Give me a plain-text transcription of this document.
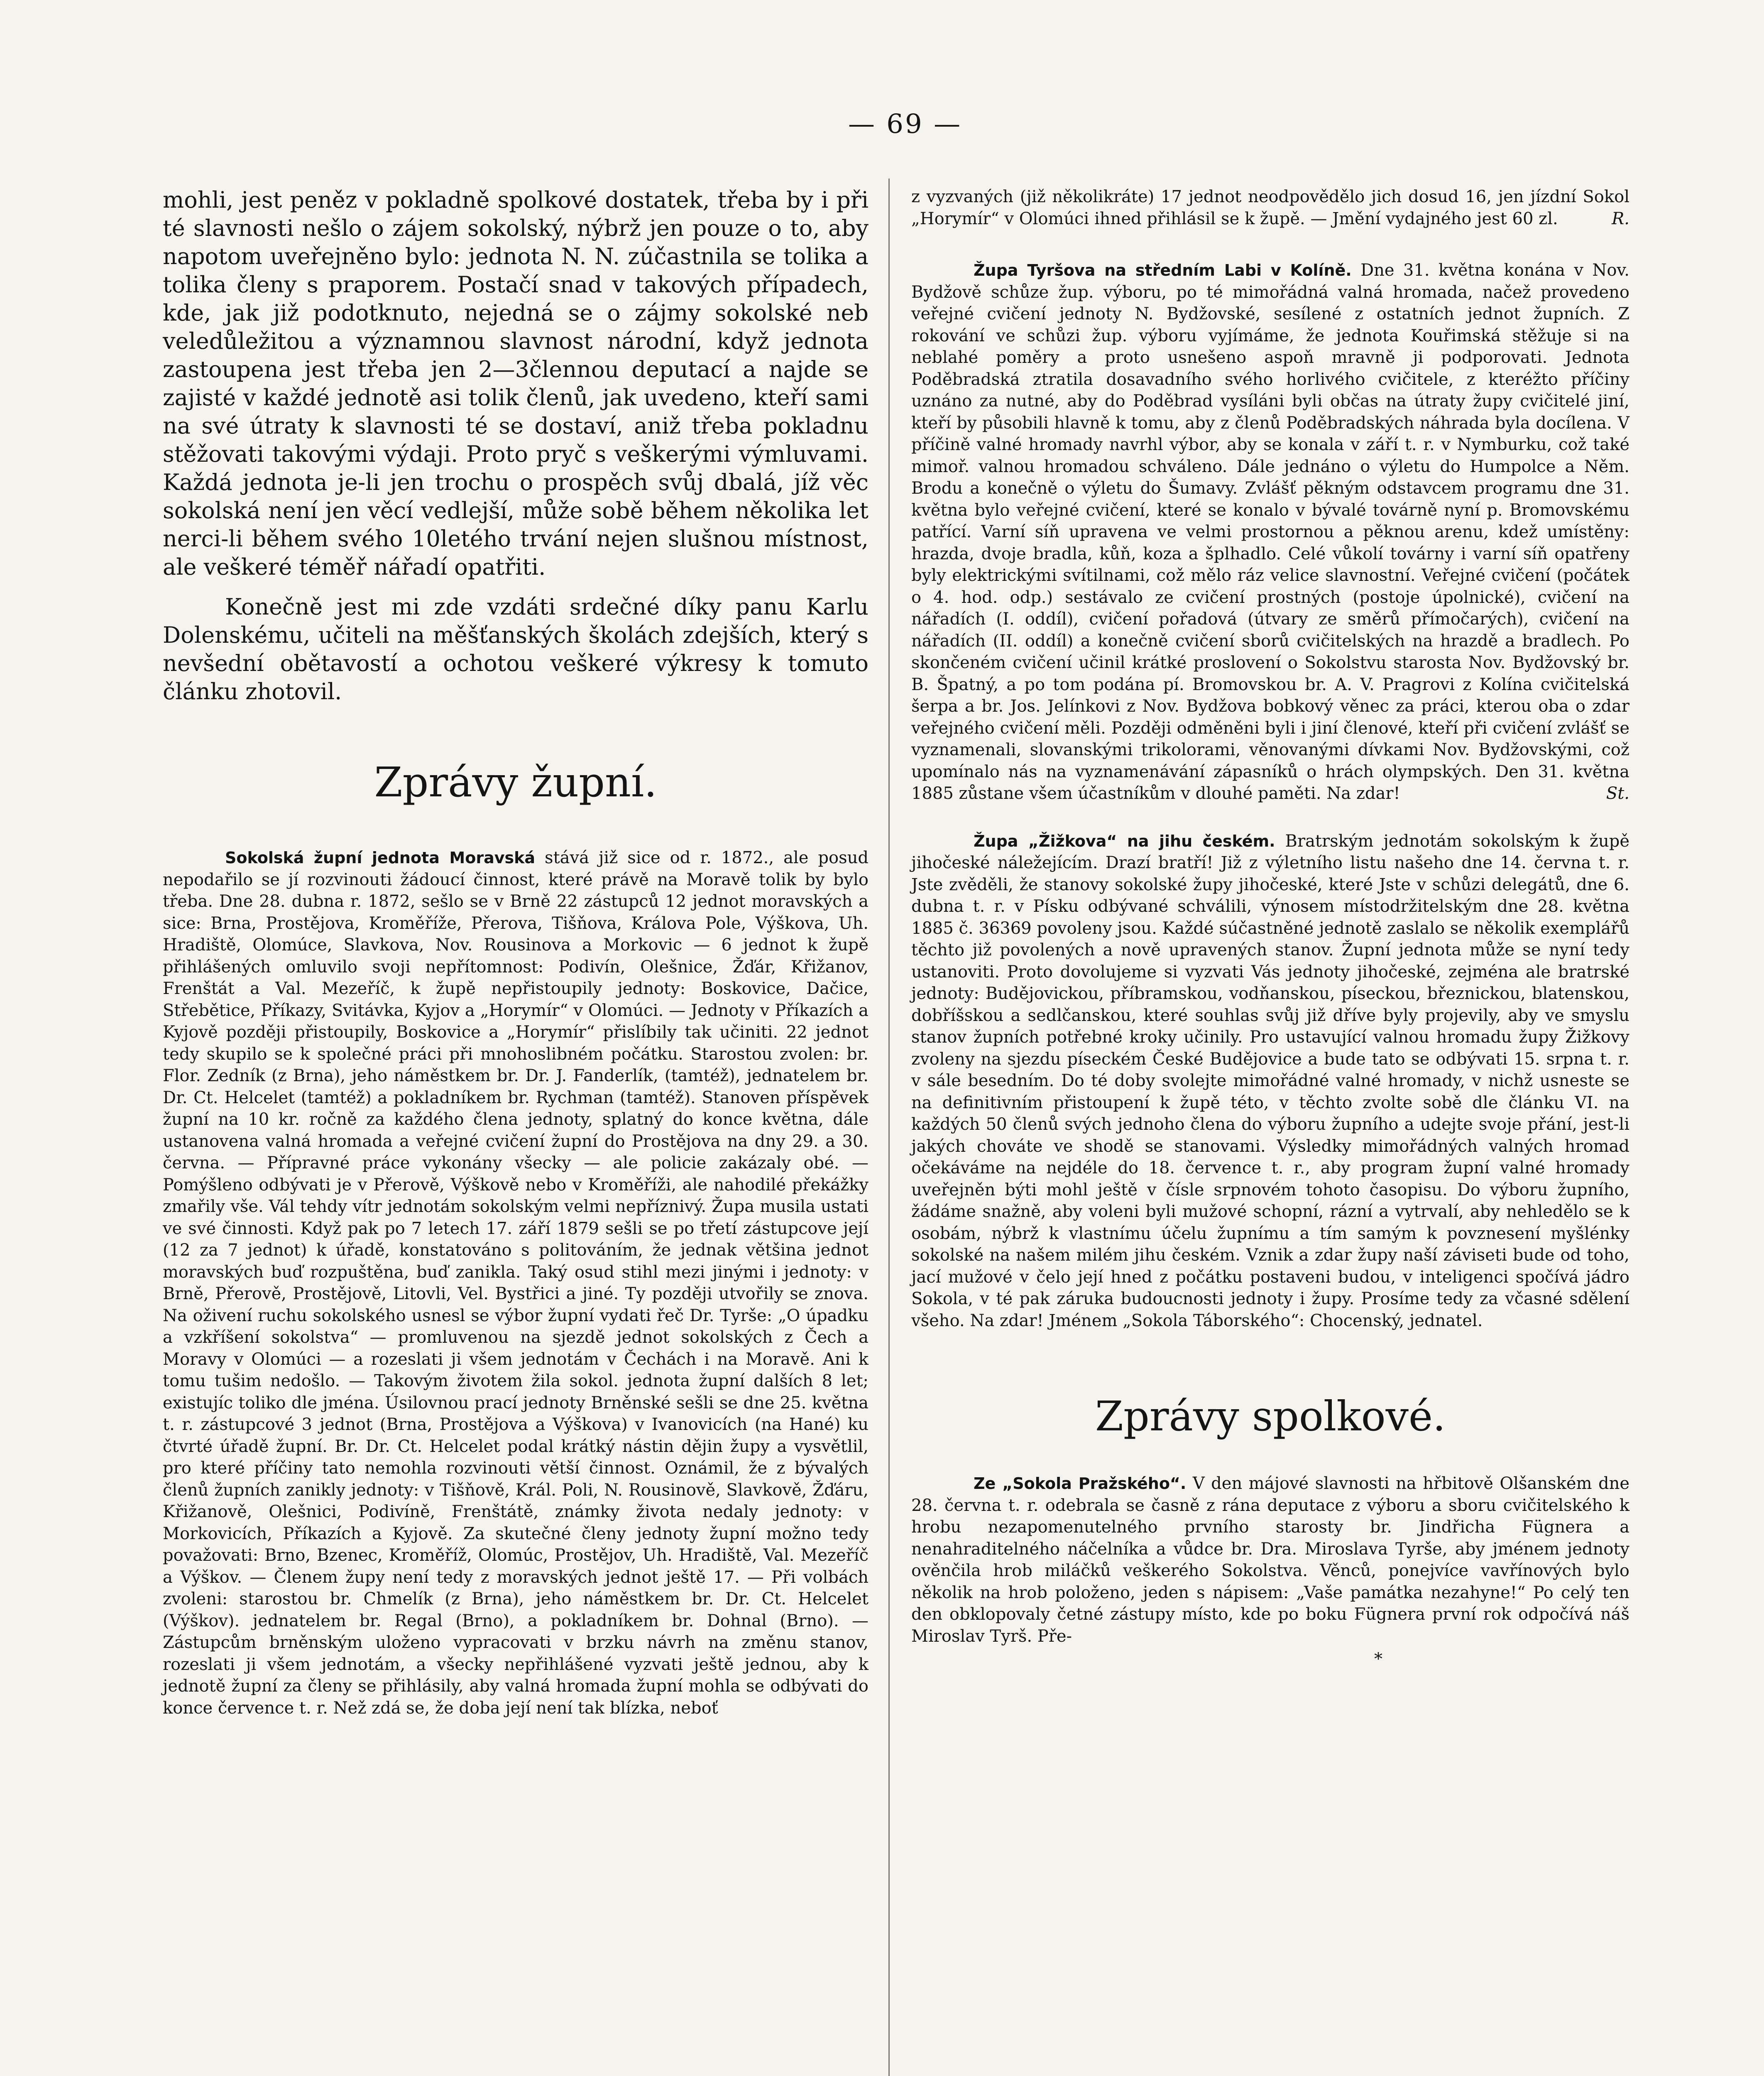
— 69 —

mohli, jest peněz v pokladně spolkové dostatek, třeba by i při té slavnosti nešlo o zájem sokolský, nýbrž jen pouze o to, aby napotom uveřejněno bylo: jednota N. N. zúčastnila se tolika a tolika členy s praporem. Postačí snad v takových případech, kde, jak již podotknuto, nejedná se o zájmy sokolské neb veledůležitou a významnou slavnost národní, když jednota zastoupena jest třeba jen 2—3člennou deputací a najde se zajisté v každé jednotě asi tolik členů, jak uvedeno, kteří sami na své útraty k slavnosti té se dostaví, aniž třeba pokladnu stěžovati takovými výdaji. Proto pryč s veškerými výmluvami. Každá jednota je-li jen trochu o prospěch svůj dbalá, jíž věc sokolská není jen věcí vedlejší, může sobě během několika let nerci-li během svého 10letého trvání nejen slušnou místnost, ale veškeré téměř nářadí opatřiti.

Konečně jest mi zde vzdáti srdečné díky panu Karlu Dolenskému, učiteli na měšťanských školách zdejších, který s nevšední obětavostí a ochotou veškeré výkresy k tomuto článku zhotovil.

Zprávy župní.

Sokolská župní jednota Moravská stává již sice od r. 1872., ale posud nepodařilo se jí rozvinouti žádoucí činnost, které právě na Moravě tolik by bylo třeba. Dne 28. dubna r. 1872, sešlo se v Brně 22 zástupců 12 jednot moravských a sice: Brna, Prostějova, Kroměříže, Přerova, Tišňova, Králova Pole, Výškova, Uh. Hradiště, Olomúce, Slavkova, Nov. Rousinova a Morkovic — 6 jednot k župě přihlášených omluvilo svoji nepřítomnost: Podivín, Olešnice, Žďár, Křižanov, Frenštát a Val. Mezeříč, k župě nepřistoupily jednoty: Boskovice, Dačice, Střebětice, Příkazy, Svitávka, Kyjov a „Horymír“ v Olomúci. — Jednoty v Příkazích a Kyjově později přistoupily, Boskovice a „Horymír“ přislíbily tak učiniti. 22 jednot tedy skupilo se k společné práci při mnohoslibném počátku. Starostou zvolen: br. Flor. Zedník (z Brna), jeho náměstkem br. Dr. J. Fanderlík, (tamtéž), jednatelem br. Dr. Ct. Helcelet (tamtéž) a pokladníkem br. Rychman (tamtéž). Stanoven příspěvek župní na 10 kr. ročně za každého člena jednoty, splatný do konce května, dále ustanovena valná hromada a veřejné cvičení župní do Prostějova na dny 29. a 30. června. — Přípravné práce vykonány všecky — ale policie zakázaly obé. — Pomýšleno odbývati je v Přerově, Výškově nebo v Kroměříži, ale nahodilé překážky zmařily vše. Vál tehdy vítr jednotám sokolským velmi nepříznivý. Župa musila ustati ve své činnosti. Když pak po 7 letech 17. září 1879 sešli se po třetí zástupcove její (12 za 7 jednot) k úřadě, konstatováno s politováním, že jednak většina jednot moravských buď rozpuštěna, buď zanikla. Taký osud stihl mezi jinými i jednoty: v Brně, Přerově, Prostějově, Litovli, Vel. Bystřici a jiné. Ty později utvořily se znova. Na oživení ruchu sokolského usnesl se výbor župní vydati řeč Dr. Tyrše: „O úpadku a vzkříšení sokolstva“ — promluvenou na sjezdě jednot sokolských z Čech a Moravy v Olomúci — a rozeslati ji všem jednotám v Čechách i na Moravě. Ani k tomu tušim nedošlo. — Takovým životem žila sokol. jednota župní dalších 8 let; existujíc toliko dle jména. Úsilovnou prací jednoty Brněnské sešli se dne 25. května t. r. zástupcové 3 jednot (Brna, Prostějova a Výškova) v Ivanovicích (na Hané) ku čtvrté úřadě župní. Br. Dr. Ct. Helcelet podal krátký nástin dějin župy a vysvětlil, pro které příčiny tato nemohla rozvinouti větší činnost. Oznámil, že z bývalých členů župních zanikly jednoty: v Tišňově, Král. Poli, N. Rousinově, Slavkově, Žďáru, Křižanově, Olešnici, Podivíně, Frenštátě, známky života nedaly jednoty: v Morkovicích, Příkazích a Kyjově. Za skutečné členy jednoty župní možno tedy považovati: Brno, Bzenec, Kroměříž, Olomúc, Prostějov, Uh. Hradiště, Val. Mezeříč a Výškov. — Členem župy není tedy z moravských jednot ještě 17. — Při volbách zvoleni: starostou br. Chmelík (z Brna), jeho náměstkem br. Dr. Ct. Helcelet (Výškov). jednatelem br. Regal (Brno), a pokladníkem br. Dohnal (Brno). — Zástupcům brněnským uloženo vypracovati v brzku návrh na změnu stanov, rozeslati ji všem jednotám, a všecky nepřihlášené vyzvati ještě jednou, aby k jednotě župní za členy se přihlásily, aby valná hromada župní mohla se odbývati do konce července t. r. Než zdá se, že doba její není tak blízka, neboť

z vyzvaných (již několikráte) 17 jednot neodpovědělo jich dosud 16, jen jízdní Sokol „Horymír“ v Olomúci ihned přihlásil se k župě. — Jmění vydajného jest 60 zl.	R.

Župa Tyršova na středním Labi v Kolíně. Dne 31. května konána v Nov. Bydžově schůze žup. výboru, po té mimořádná valná hromada, načež provedeno veřejné cvičení jednoty N. Bydžovské, sesílené z ostatních jednot župních. Z rokování ve schůzi žup. výboru vyjímáme, že jednota Kouřimská stěžuje si na neblahé poměry a proto usnešeno aspoň mravně ji podporovati. Jednota Poděbradská ztratila dosavadního svého horlivého cvičitele, z kteréžto příčiny uznáno za nutné, aby do Poděbrad vysíláni byli občas na útraty župy cvičitelé jiní, kteří by působili hlavně k tomu, aby z členů Poděbradských náhrada byla docílena. V příčině valné hromady navrhl výbor, aby se konala v září t. r. v Nymburku, což také mimoř. valnou hromadou schváleno. Dále jednáno o výletu do Humpolce a Něm. Brodu a konečně o výletu do Šumavy. Zvlášť pěkným odstavcem programu dne 31. května bylo veřejné cvičení, které se konalo v bývalé továrně nyní p. Bromovskému patřící. Varní síň upravena ve velmi prostornou a pěknou arenu, kdež umístěny: hrazda, dvoje bradla, kůň, koza a šplhadlo. Celé vůkolí továrny i varní síň opatřeny byly elektrickými svítilnami, což mělo ráz velice slavnostní. Veřejné cvičení (počátek o 4. hod. odp.) sestávalo ze cvičení prostných (postoje úpolnické), cvičení na nářadích (I. oddíl), cvičení pořadová (útvary ze směrů přímočarých), cvičení na nářadích (II. oddíl) a konečně cvičení sborů cvičitelských na hrazdě a bradlech. Po skončeném cvičení učinil krátké proslovení o Sokolstvu starosta Nov. Bydžovský br. B. Špatný, a po tom podána pí. Bromovskou br. A. V. Pragrovi z Kolína cvičitelská šerpa a br. Jos. Jelínkovi z Nov. Bydžova bobkový věnec za práci, kterou oba o zdar veřejného cvičení měli. Později odměněni byli i jiní členové, kteří při cvičení zvlášť se vyznamenali, slovanskými trikolorami, věnovanými dívkami Nov. Bydžovskými, což upomínalo nás na vyznamenávání zápasníků o hrách olympských. Den 31. května 1885 zůstane všem účastníkům v dlouhé paměti. Na zdar!	St.

Župa „Žižkova“ na jihu českém. Bratrským jednotám sokolským k župě jihočeské náležejícím. Drazí bratří! Již z výletního listu našeho dne 14. června t. r. Jste zvěděli, že stanovy sokolské župy jihočeské, které Jste v schůzi delegátů, dne 6. dubna t. r. v Písku odbývané schválili, výnosem místodržitelským dne 28. května 1885 č. 36369 povoleny jsou. Každé súčastněné jednotě zaslalo se několik exemplářů těchto již povolených a nově upravených stanov. Župní jednota může se nyní tedy ustanoviti. Proto dovolujeme si vyzvati Vás jednoty jihočeské, zejména ale bratrské jednoty: Budějovickou, příbramskou, vodňanskou, píseckou, březnickou, blatenskou, dobříšskou a sedlčanskou, které souhlas svůj již dříve byly projevily, aby ve smyslu stanov župních potřebné kroky učinily. Pro ustavující valnou hromadu župy Žižkovy zvoleny na sjezdu píseckém České Budějovice a bude tato se odbývati 15. srpna t. r. v sále besedním. Do té doby svolejte mimořádné valné hromady, v nichž usneste se na definitivním přistoupení k župě této, v těchto zvolte sobě dle článku VI. na každých 50 členů svých jednoho člena do výboru župního a udejte svoje přání, jest-li jakých chováte ve shodě se stanovami. Výsledky mimořádných valných hromad očekáváme na nejdéle do 18. července t. r., aby program župní valné hromady uveřejněn býti mohl ještě v čísle srpnovém tohoto časopisu. Do výboru župního, žádáme snažně, aby voleni byli mužové schopní, rázní a vytrvalí, aby nehledělo se k osobám, nýbrž k vlastnímu účelu župnímu a tím samým k povznesení myšlénky sokolské na našem milém jihu českém. Vznik a zdar župy naší záviseti bude od toho, jací mužové v čelo její hned z počátku postaveni budou, v inteligenci spočívá jádro Sokola, v té pak záruka budoucnosti jednoty i župy. Prosíme tedy za včasné sdělení všeho. Na zdar! Jménem „Sokola Táborského“: Chocenský, jednatel.

Zprávy spolkové.

Ze „Sokola Pražského“. V den májové slavnosti na hřbitově Olšanském dne 28. června t. r. odebrala se časně z rána deputace z výboru a sboru cvičitelského k hrobu nezapomenutelného prvního starosty br. Jindřicha Fügnera a nenahraditelného náčelníka a vůdce br. Dra. Miroslava Tyrše, aby jménem jednoty ověnčila hrob miláčků veškerého Sokolstva. Věnců, ponejvíce vavřínových bylo několik na hrob položeno, jeden s nápisem: „Vaše památka nezahyne!“ Po celý ten den obklopovaly četné zástupy místo, kde po boku Fügnera první rok odpočívá náš Miroslav Tyrš. Pře-

*
